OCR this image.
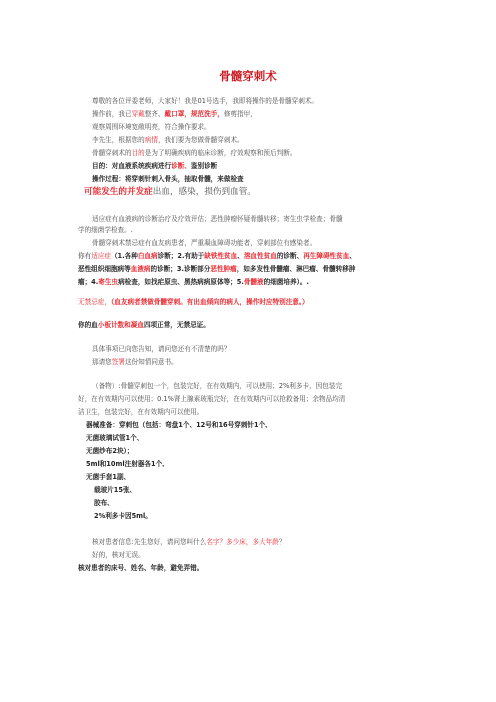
骨髓穿刺术
尊敬的各位评委老师，大家好！我是01号选手，我即将操作的是骨髓穿刺术。
操作前，我已穿戴整齐、戴口罩，规范洗手，修剪指甲，
观察周围环境宽敞明亮，符合操作要求。
李先生，根据您的病情，我们要为您做骨髓穿刺术。
骨髓穿刺术的目的是为了明确疾病的临床诊断，疗效观察和预后判断。
目的：对血液系统疾病进行诊断、鉴别诊断
操作过程：将穿刺针刺入骨头，抽取骨髓，来做检查
可能发生的并发症出血，感染，损伤到血管。
适应症有血液病的诊断治疗及疗效评估；恶性肿瘤怀疑骨髓转移；寄生虫学检查；骨髓
学的细菌学检查。.
骨髓穿刺术禁忌症有血友病患者，严重凝血障碍功能者，穿刺部位有感染者。
你有适应症（1.各种白血病诊断；2.有助于缺铁性贫血、溶血性贫血的诊断、再生障碍性贫血、
恶性组织细胞病等血液病的诊断；3.诊断部分恶性肿瘤，如多发性骨髓瘤、淋巴瘤、骨髓转移肿
瘤；4.寄生虫病检查，如找疟原虫、黑热病病原体等；5.骨髓液的细菌培养）。.
无禁忌症，（血友病者禁做骨髓穿刺。有出血倾向的病人，操作时应特别注意。）
你的血小板计数和凝血四项正常，无禁忌证。
具体事项已向您告知，请问您还有不清楚的吗？
那请您签署这份知情同意书。
（备物）:骨髓穿刺包一个，包装完好，在有效期内，可以使用；2%利多卡，因包装完
好，在有效期内可以使用；0.1%肾上腺素玻瓶完好，在有效期内可以抢救备用；余物品均清
洁卫生，包装完好，在有效期内可以使用。
器械准备：穿刺包（包括：弯盘1个、12号和16号穿刺针1个、
无菌玻璃试管1个、
无菌纱布2块）；
5ml和10ml注射器各1个、
无菌手套1副、
载玻片15张、
胶布、
2%利多卡因5ml。
核对患者信息:先生您好，请问您叫什么名字？多少床，多大年龄？
好的，核对无误。
核对患者的床号、姓名、年龄，避免弄错。
